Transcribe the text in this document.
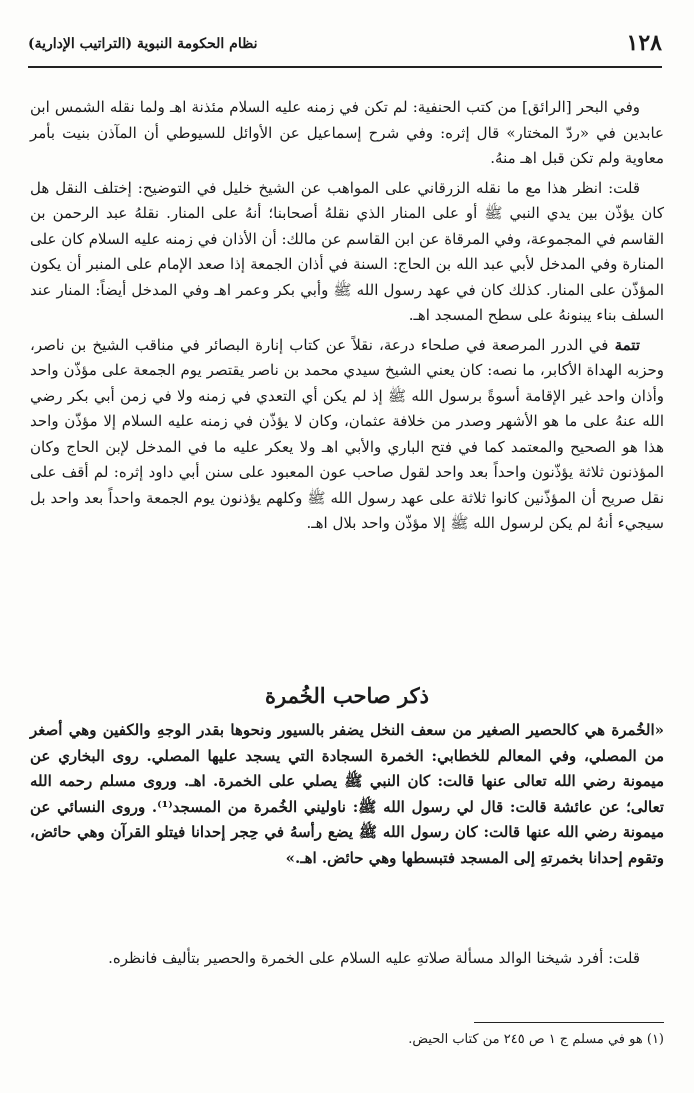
١٢٨
نظام الحكومة النبوية (التراتيب الإدارية)

وفي البحر [الرائق] من كتب الحنفية: لم تكن في زمنه عليه السلام مئذنة اهـ ولما نقله الشمس ابن عابدين في «ردّ المختار» قال إثره: وفي شرح إسماعيل عن الأوائل للسيوطي أن المآذن بنيت بأمر معاوية ولم تكن قبل اهـ منهُ.

قلت: انظر هذا مع ما نقله الزرقاني على المواهب عن الشيخ خليل في التوضيح: إختلف النقل هل كان يؤذّن بين يدي النبي ﷺ أو على المنار الذي نقلهُ أصحابنا؛ أنهُ على المنار. نقلهُ عبد الرحمن بن القاسم في المجموعة، وفي المرقاة عن ابن القاسم عن مالك: أن الأذان في زمنه عليه السلام كان على المنارة وفي المدخل لأبي عبد الله بن الحاج: السنة في أذان الجمعة إذا صعد الإمام على المنبر أن يكون المؤذّن على المنار. كذلك كان في عهد رسول الله ﷺ وأبي بكر وعمر اهـ وفي المدخل أيضاً: المنار عند السلف بناء يبنونهُ على سطح المسجد اهـ.

تتمة في الدرر المرصعة في صلحاء درعة، نقلاً عن كتاب إنارة البصائر في مناقب الشيخ بن ناصر، وحزبه الهداة الأكابر، ما نصه: كان يعني الشيخ سيدي محمد بن ناصر يقتصر يوم الجمعة على مؤذّن واحد وأذان واحد غير الإقامة أسوةً برسول الله ﷺ إذ لم يكن أي التعدي في زمنه ولا في زمن أبي بكر رضي الله عنهُ على ما هو الأشهر وصدر من خلافة عثمان، وكان لا يؤذّن في زمنه عليه السلام إلا مؤذّن واحد هذا هو الصحيح والمعتمد كما في فتح الباري والأبي اهـ ولا يعكر عليه ما في المدخل لإبن الحاج وكان المؤذنون ثلاثة يؤذّنون واحداً بعد واحد لقول صاحب عون المعبود على سنن أبي داود إثره: لم أقف على نقل صريح أن المؤذّنين كانوا ثلاثة على عهد رسول الله ﷺ وكلهم يؤذنون يوم الجمعة واحداً بعد واحد بل سيجيء أنهُ لم يكن لرسول الله ﷺ إلا مؤذّن واحد بلال اهـ.

ذكر صاحب الخُمرة

«الخُمرة هي كالحصير الصغير من سعف النخل يضفر بالسيور ونحوها بقدر الوجهِ والكفين وهي أصغر من المصلي، وفي المعالم للخطابي: الخمرة السجادة التي يسجد عليها المصلي. روى البخاري عن ميمونة رضي الله تعالى عنها قالت: كان النبي ﷺ يصلي على الخمرة. اهـ. وروى مسلم رحمه الله تعالى؛ عن عائشة قالت: قال لي رسول الله ﷺ: ناوليني الخُمرة من المسجد⁽¹⁾. وروى النسائي عن ميمونة رضي الله عنها قالت: كان رسول الله ﷺ يضع رأسهُ في حِجر إحدانا فيتلو القرآن وهي حائض، وتقوم إحدانا بخمرتهِ إلى المسجد فتبسطها وهي حائض. اهـ.»

قلت: أفرد شيخنا الوالد مسألة صلاتهِ عليه السلام على الخمرة والحصير بتأليف فانظره.

(١) هو في مسلم ج ١ ص ٢٤٥ من كتاب الحيض.
